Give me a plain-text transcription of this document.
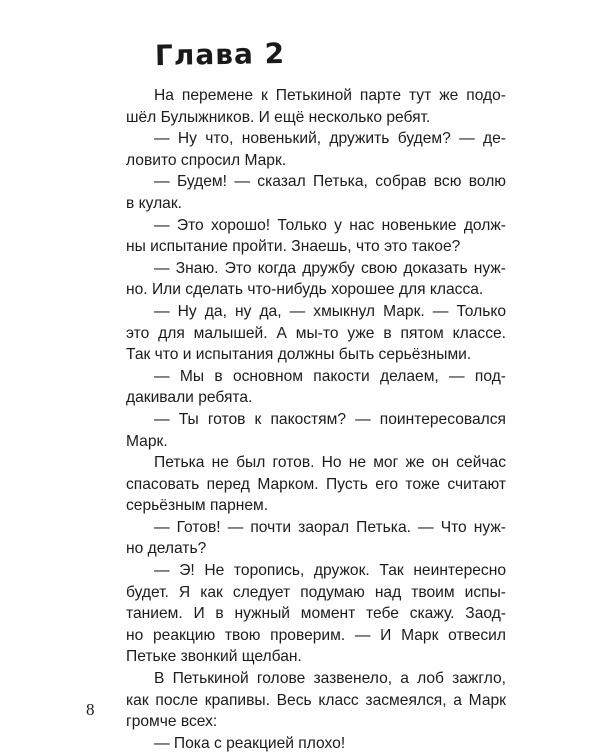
Глава 2
На перемене к Петькиной парте тут же подо-
шёл Булыжников. И ещё несколько ребят.
— Ну что, новенький, дружить будем? — де-
ловито спросил Марк.
— Будем! — сказал Петька, собрав всю волю
в кулак.
— Это хорошо! Только у нас новенькие долж-
ны испытание пройти. Знаешь, что это такое?
— Знаю. Это когда дружбу свою доказать нуж-
но. Или сделать что-нибудь хорошее для класса.
— Ну да, ну да, — хмыкнул Марк. — Только
это для малышей. А мы-то уже в пятом классе.
Так что и испытания должны быть серьёзными.
— Мы в основном пакости делаем, — под-
дакивали ребята.
— Ты готов к пакостям? — поинтересовался
Марк.
Петька не был готов. Но не мог же он сейчас
спасовать перед Марком. Пусть его тоже считают
серьёзным парнем.
— Готов! — почти заорал Петька. — Что нуж-
но делать?
— Э! Не торопись, дружок. Так неинтересно
будет. Я как следует подумаю над твоим испы-
танием. И в нужный момент тебе скажу. Заод-
но реакцию твою проверим. — И Марк отвесил
Петьке звонкий щелбан.
В Петькиной голове зазвенело, а лоб зажгло,
как после крапивы. Весь класс засмеялся, а Марк
громче всех:
— Пока с реакцией плохо!
8
